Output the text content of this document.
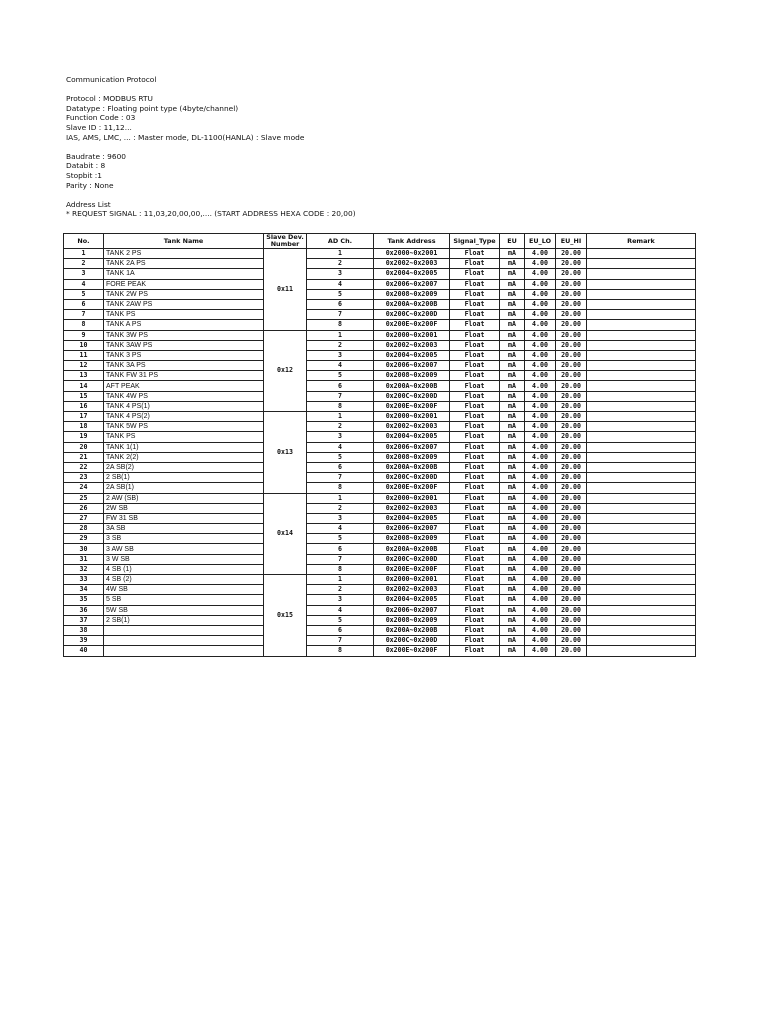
Communication Protocol
Protocol : MODBUS RTU
Datatype : Floating point type (4byte/channel)
Function Code : 03
Slave ID : 11,12...
IAS, AMS, LMC, ... : Master mode, DL-1100(HANLA) : Slave mode
Baudrate : 9600
Databit : 8
Stopbit :1
Parity : None
Address List
* REQUEST SIGNAL : 11,03,20,00,00,.... (START ADDRESS HEXA CODE : 20,00)
No.	Tank Name	Slave Dev. Number	AD Ch.	Tank Address	Signal_Type	EU	EU_LO	EU_HI	Remark
1	TANK 2 PS	0x11	1	0x2000~0x2001	Float	mA	4.00	20.00	
2	TANK 2A PS		2	0x2002~0x2003	Float	mA	4.00	20.00	
3	TANK 1A		3	0x2004~0x2005	Float	mA	4.00	20.00	
4	FORE PEAK		4	0x2006~0x2007	Float	mA	4.00	20.00	
5	TANK 2W PS		5	0x2008~0x2009	Float	mA	4.00	20.00	
6	TANK 2AW PS		6	0x200A~0x200B	Float	mA	4.00	20.00	
7	TANK PS		7	0x200C~0x200D	Float	mA	4.00	20.00	
8	TANK A PS		8	0x200E~0x200F	Float	mA	4.00	20.00	
9	TANK 3W PS	0x12	1	0x2000~0x2001	Float	mA	4.00	20.00	
10	TANK 3AW PS		2	0x2002~0x2003	Float	mA	4.00	20.00	
11	TANK 3 PS		3	0x2004~0x2005	Float	mA	4.00	20.00	
12	TANK 3A PS		4	0x2006~0x2007	Float	mA	4.00	20.00	
13	TANK FW 31 PS		5	0x2008~0x2009	Float	mA	4.00	20.00	
14	AFT PEAK		6	0x200A~0x200B	Float	mA	4.00	20.00	
15	TANK 4W PS		7	0x200C~0x200D	Float	mA	4.00	20.00	
16	TANK 4 PS(1)		8	0x200E~0x200F	Float	mA	4.00	20.00	
17	TANK 4 PS(2)	0x13	1	0x2000~0x2001	Float	mA	4.00	20.00	
18	TANK 5W PS		2	0x2002~0x2003	Float	mA	4.00	20.00	
19	TANK PS		3	0x2004~0x2005	Float	mA	4.00	20.00	
20	TANK 1(1)		4	0x2006~0x2007	Float	mA	4.00	20.00	
21	TANK 2(2)		5	0x2008~0x2009	Float	mA	4.00	20.00	
22	2A SB(2)		6	0x200A~0x200B	Float	mA	4.00	20.00	
23	2 SB(1)		7	0x200C~0x200D	Float	mA	4.00	20.00	
24	2A SB(1)		8	0x200E~0x200F	Float	mA	4.00	20.00	
25	2 AW (SB)	0x14	1	0x2000~0x2001	Float	mA	4.00	20.00	
26	2W SB		2	0x2002~0x2003	Float	mA	4.00	20.00	
27	FW 31 SB		3	0x2004~0x2005	Float	mA	4.00	20.00	
28	3A SB		4	0x2006~0x2007	Float	mA	4.00	20.00	
29	3 SB		5	0x2008~0x2009	Float	mA	4.00	20.00	
30	3 AW SB		6	0x200A~0x200B	Float	mA	4.00	20.00	
31	3 W SB		7	0x200C~0x200D	Float	mA	4.00	20.00	
32	4 SB (1)		8	0x200E~0x200F	Float	mA	4.00	20.00	
33	4 SB (2)	0x15	1	0x2000~0x2001	Float	mA	4.00	20.00	
34	4W SB		2	0x2002~0x2003	Float	mA	4.00	20.00	
35	5 SB		3	0x2004~0x2005	Float	mA	4.00	20.00	
36	5W SB		4	0x2006~0x2007	Float	mA	4.00	20.00	
37	2 SB(1)		5	0x2008~0x2009	Float	mA	4.00	20.00	
38			6	0x200A~0x200B	Float	mA	4.00	20.00	
39			7	0x200C~0x200D	Float	mA	4.00	20.00	
40			8	0x200E~0x200F	Float	mA	4.00	20.00	
